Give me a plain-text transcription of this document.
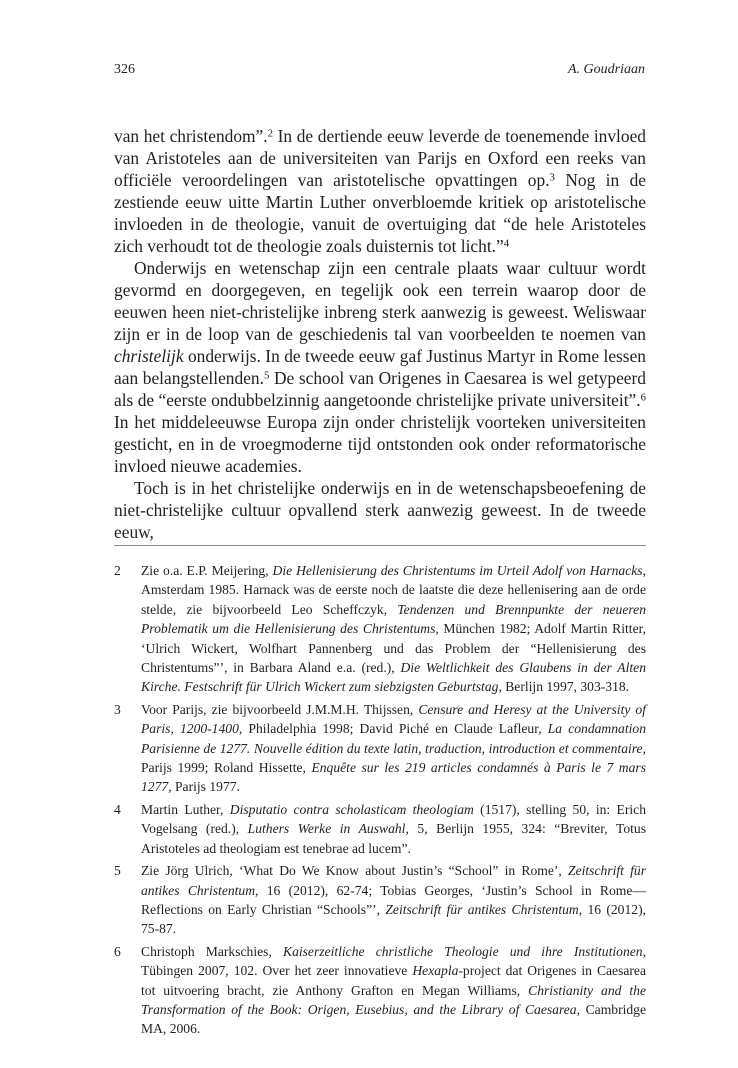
326	A. Goudriaan

van het christendom”.$^2$ In de dertiende eeuw leverde de toenemende invloed van Aristoteles aan de universiteiten van Parijs en Oxford een reeks van officiële veroordelingen van aristotelische opvattingen op.$^3$ Nog in de zestiende eeuw uitte Martin Luther onverbloemde kritiek op aristotelische invloeden in de theologie, vanuit de overtuiging dat “de hele Aristoteles zich verhoudt tot de theologie zoals duisternis tot licht.”$^4$

Onderwijs en wetenschap zijn een centrale plaats waar cultuur wordt gevormd en doorgegeven, en tegelijk ook een terrein waarop door de eeuwen heen niet-christelijke inbreng sterk aanwezig is geweest. Weliswaar zijn er in de loop van de geschiedenis tal van voorbeelden te noemen van christelijk onderwijs. In de tweede eeuw gaf Justinus Martyr in Rome lessen aan belangstellenden.$^5$ De school van Origenes in Caesarea is wel getypeerd als de “eerste ondubbelzinnig aangetoonde christelijke private universiteit”.$^6$ In het middeleeuwse Europa zijn onder christelijk voorteken universiteiten gesticht, en in de vroegmoderne tijd ontstonden ook onder reformatorische invloed nieuwe academies.

Toch is in het christelijke onderwijs en in de wetenschapsbeoefening de niet-christelijke cultuur opvallend sterk aanwezig geweest. In de tweede eeuw,

2 Zie o.a. E.P. Meijering, Die Hellenisierung des Christentums im Urteil Adolf von Harnacks, Amsterdam 1985. Harnack was de eerste noch de laatste die deze hellenisering aan de orde stelde, zie bijvoorbeeld Leo Scheffczyk, Tendenzen und Brennpunkte der neueren Problematik um die Hellenisierung des Christentums, München 1982; Adolf Martin Ritter, ‘Ulrich Wickert, Wolfhart Pannenberg und das Problem der “Hellenisierung des Christentums”’, in Barbara Aland e.a. (red.), Die Weltlichkeit des Glaubens in der Alten Kirche. Festschrift für Ulrich Wickert zum siebzigsten Geburtstag, Berlijn 1997, 303-318.
3 Voor Parijs, zie bijvoorbeeld J.M.M.H. Thijssen, Censure and Heresy at the University of Paris, 1200-1400, Philadelphia 1998; David Piché en Claude Lafleur, La condamnation Parisienne de 1277. Nouvelle édition du texte latin, traduction, introduction et commentaire, Parijs 1999; Roland Hissette, Enquête sur les 219 articles condamnés à Paris le 7 mars 1277, Parijs 1977.
4 Martin Luther, Disputatio contra scholasticam theologiam (1517), stelling 50, in: Erich Vogelsang (red.), Luthers Werke in Auswahl, 5, Berlijn 1955, 324: “Breviter, Totus Aristoteles ad theologiam est tenebrae ad lucem”.
5 Zie Jörg Ulrich, ‘What Do We Know about Justin’s “School” in Rome’, Zeitschrift für antikes Christentum, 16 (2012), 62-74; Tobias Georges, ‘Justin’s School in Rome—Reflections on Early Christian “Schools”’, Zeitschrift für antikes Christentum, 16 (2012), 75-87.
6 Christoph Markschies, Kaiserzeitliche christliche Theologie und ihre Institutionen, Tübingen 2007, 102. Over het zeer innovatieve Hexapla-project dat Origenes in Caesarea tot uitvoering bracht, zie Anthony Grafton en Megan Williams, Christianity and the Transformation of the Book: Origen, Eusebius, and the Library of Caesarea, Cambridge MA, 2006.
